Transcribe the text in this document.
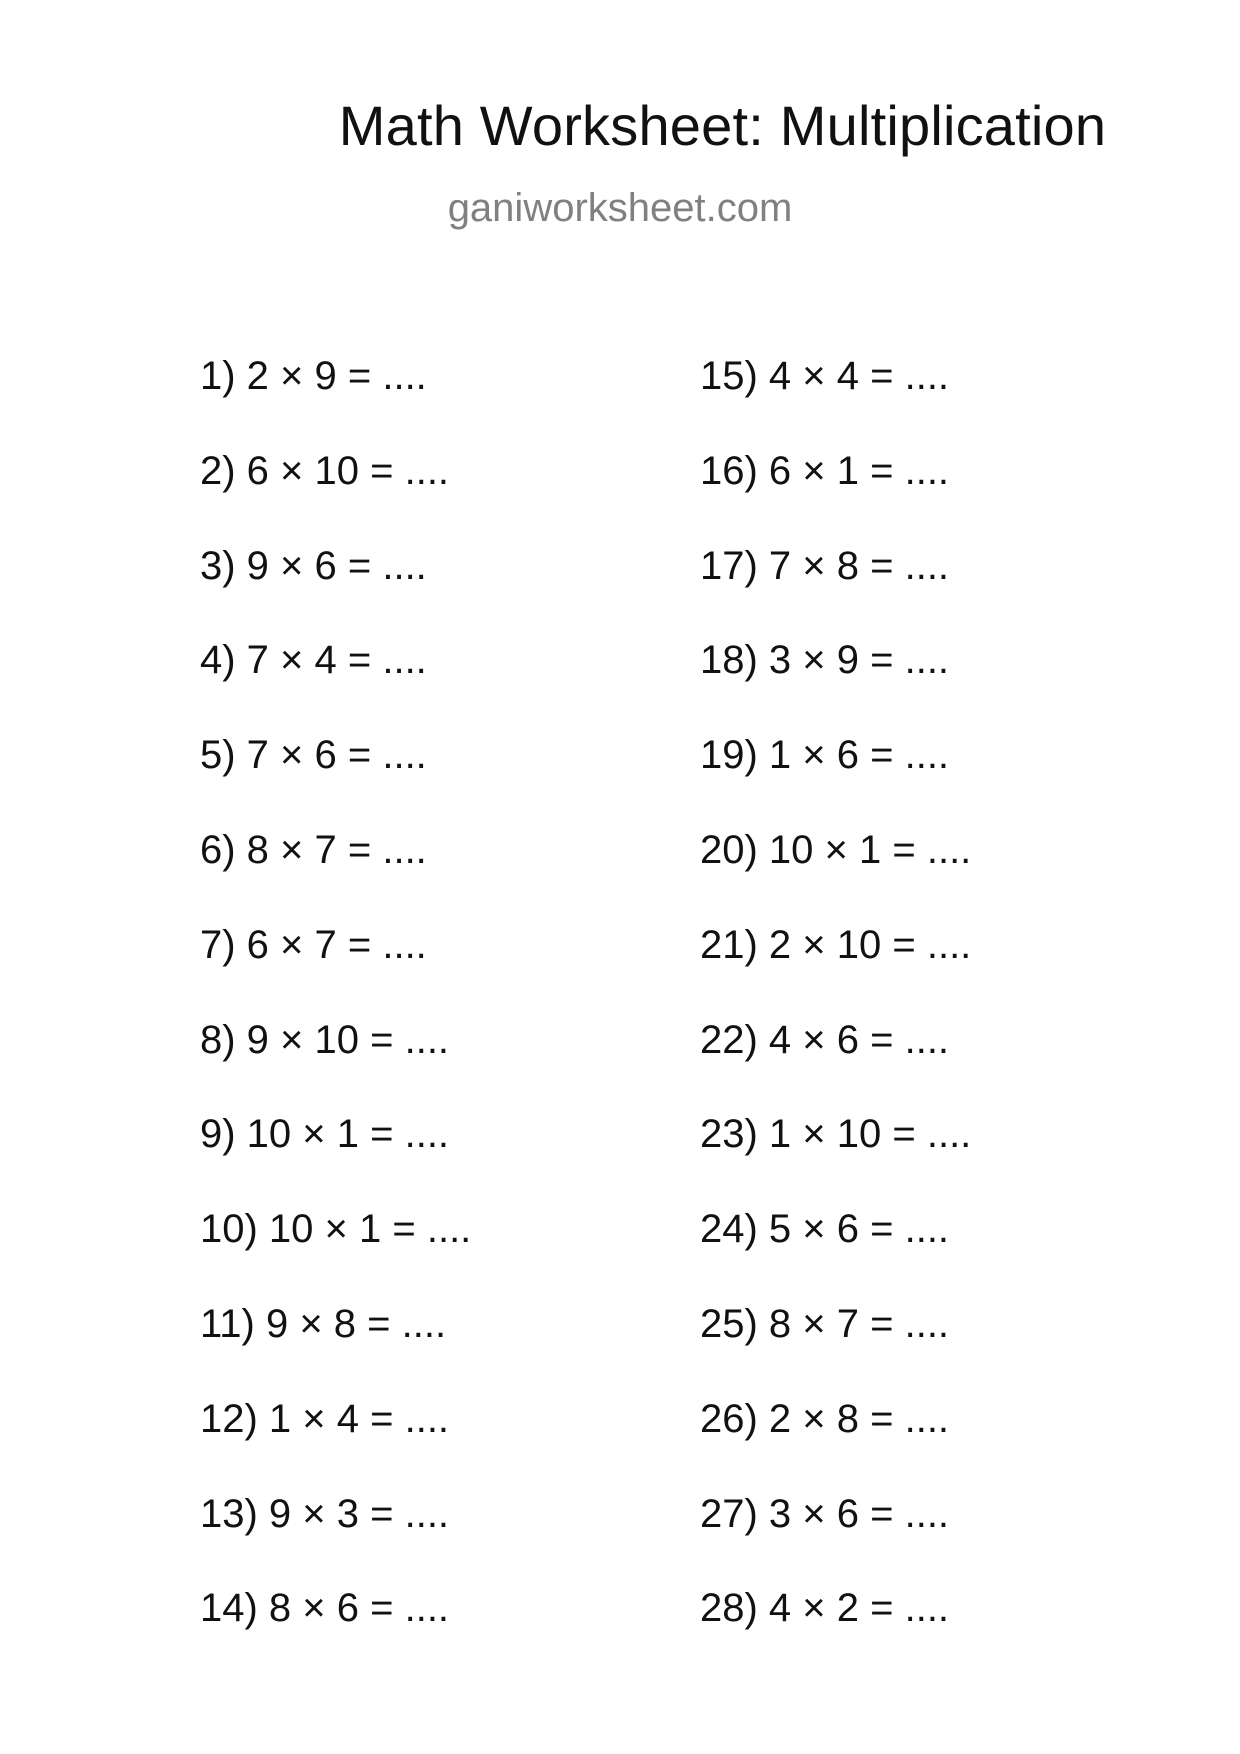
Math Worksheet: Multiplication
ganiworksheet.com
1) 2 × 9 = ....
2) 6 × 10 = ....
3) 9 × 6 = ....
4) 7 × 4 = ....
5) 7 × 6 = ....
6) 8 × 7 = ....
7) 6 × 7 = ....
8) 9 × 10 = ....
9) 10 × 1 = ....
10) 10 × 1 = ....
11) 9 × 8 = ....
12) 1 × 4 = ....
13) 9 × 3 = ....
14) 8 × 6 = ....
15) 4 × 4 = ....
16) 6 × 1 = ....
17) 7 × 8 = ....
18) 3 × 9 = ....
19) 1 × 6 = ....
20) 10 × 1 = ....
21) 2 × 10 = ....
22) 4 × 6 = ....
23) 1 × 10 = ....
24) 5 × 6 = ....
25) 8 × 7 = ....
26) 2 × 8 = ....
27) 3 × 6 = ....
28) 4 × 2 = ....
